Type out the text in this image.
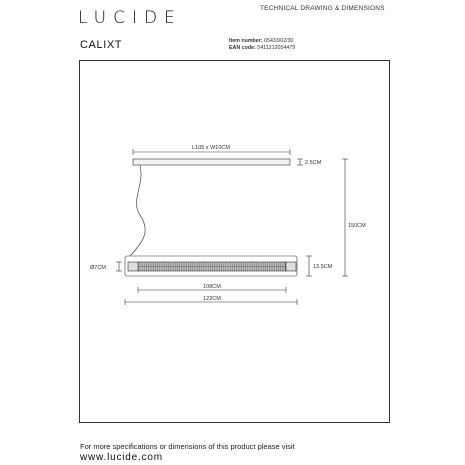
LUCIDE	TECHNICAL DRAWING & DIMENSIONS
CALIXT	Item number: 05433/02/30
EAN code: 5411212054479
L105 x W10CM
2.5CM
150CM
Ø7CM	13.5CM
108CM
122CM
For more specifications or dimensions of this product please visit
www.lucide.com
